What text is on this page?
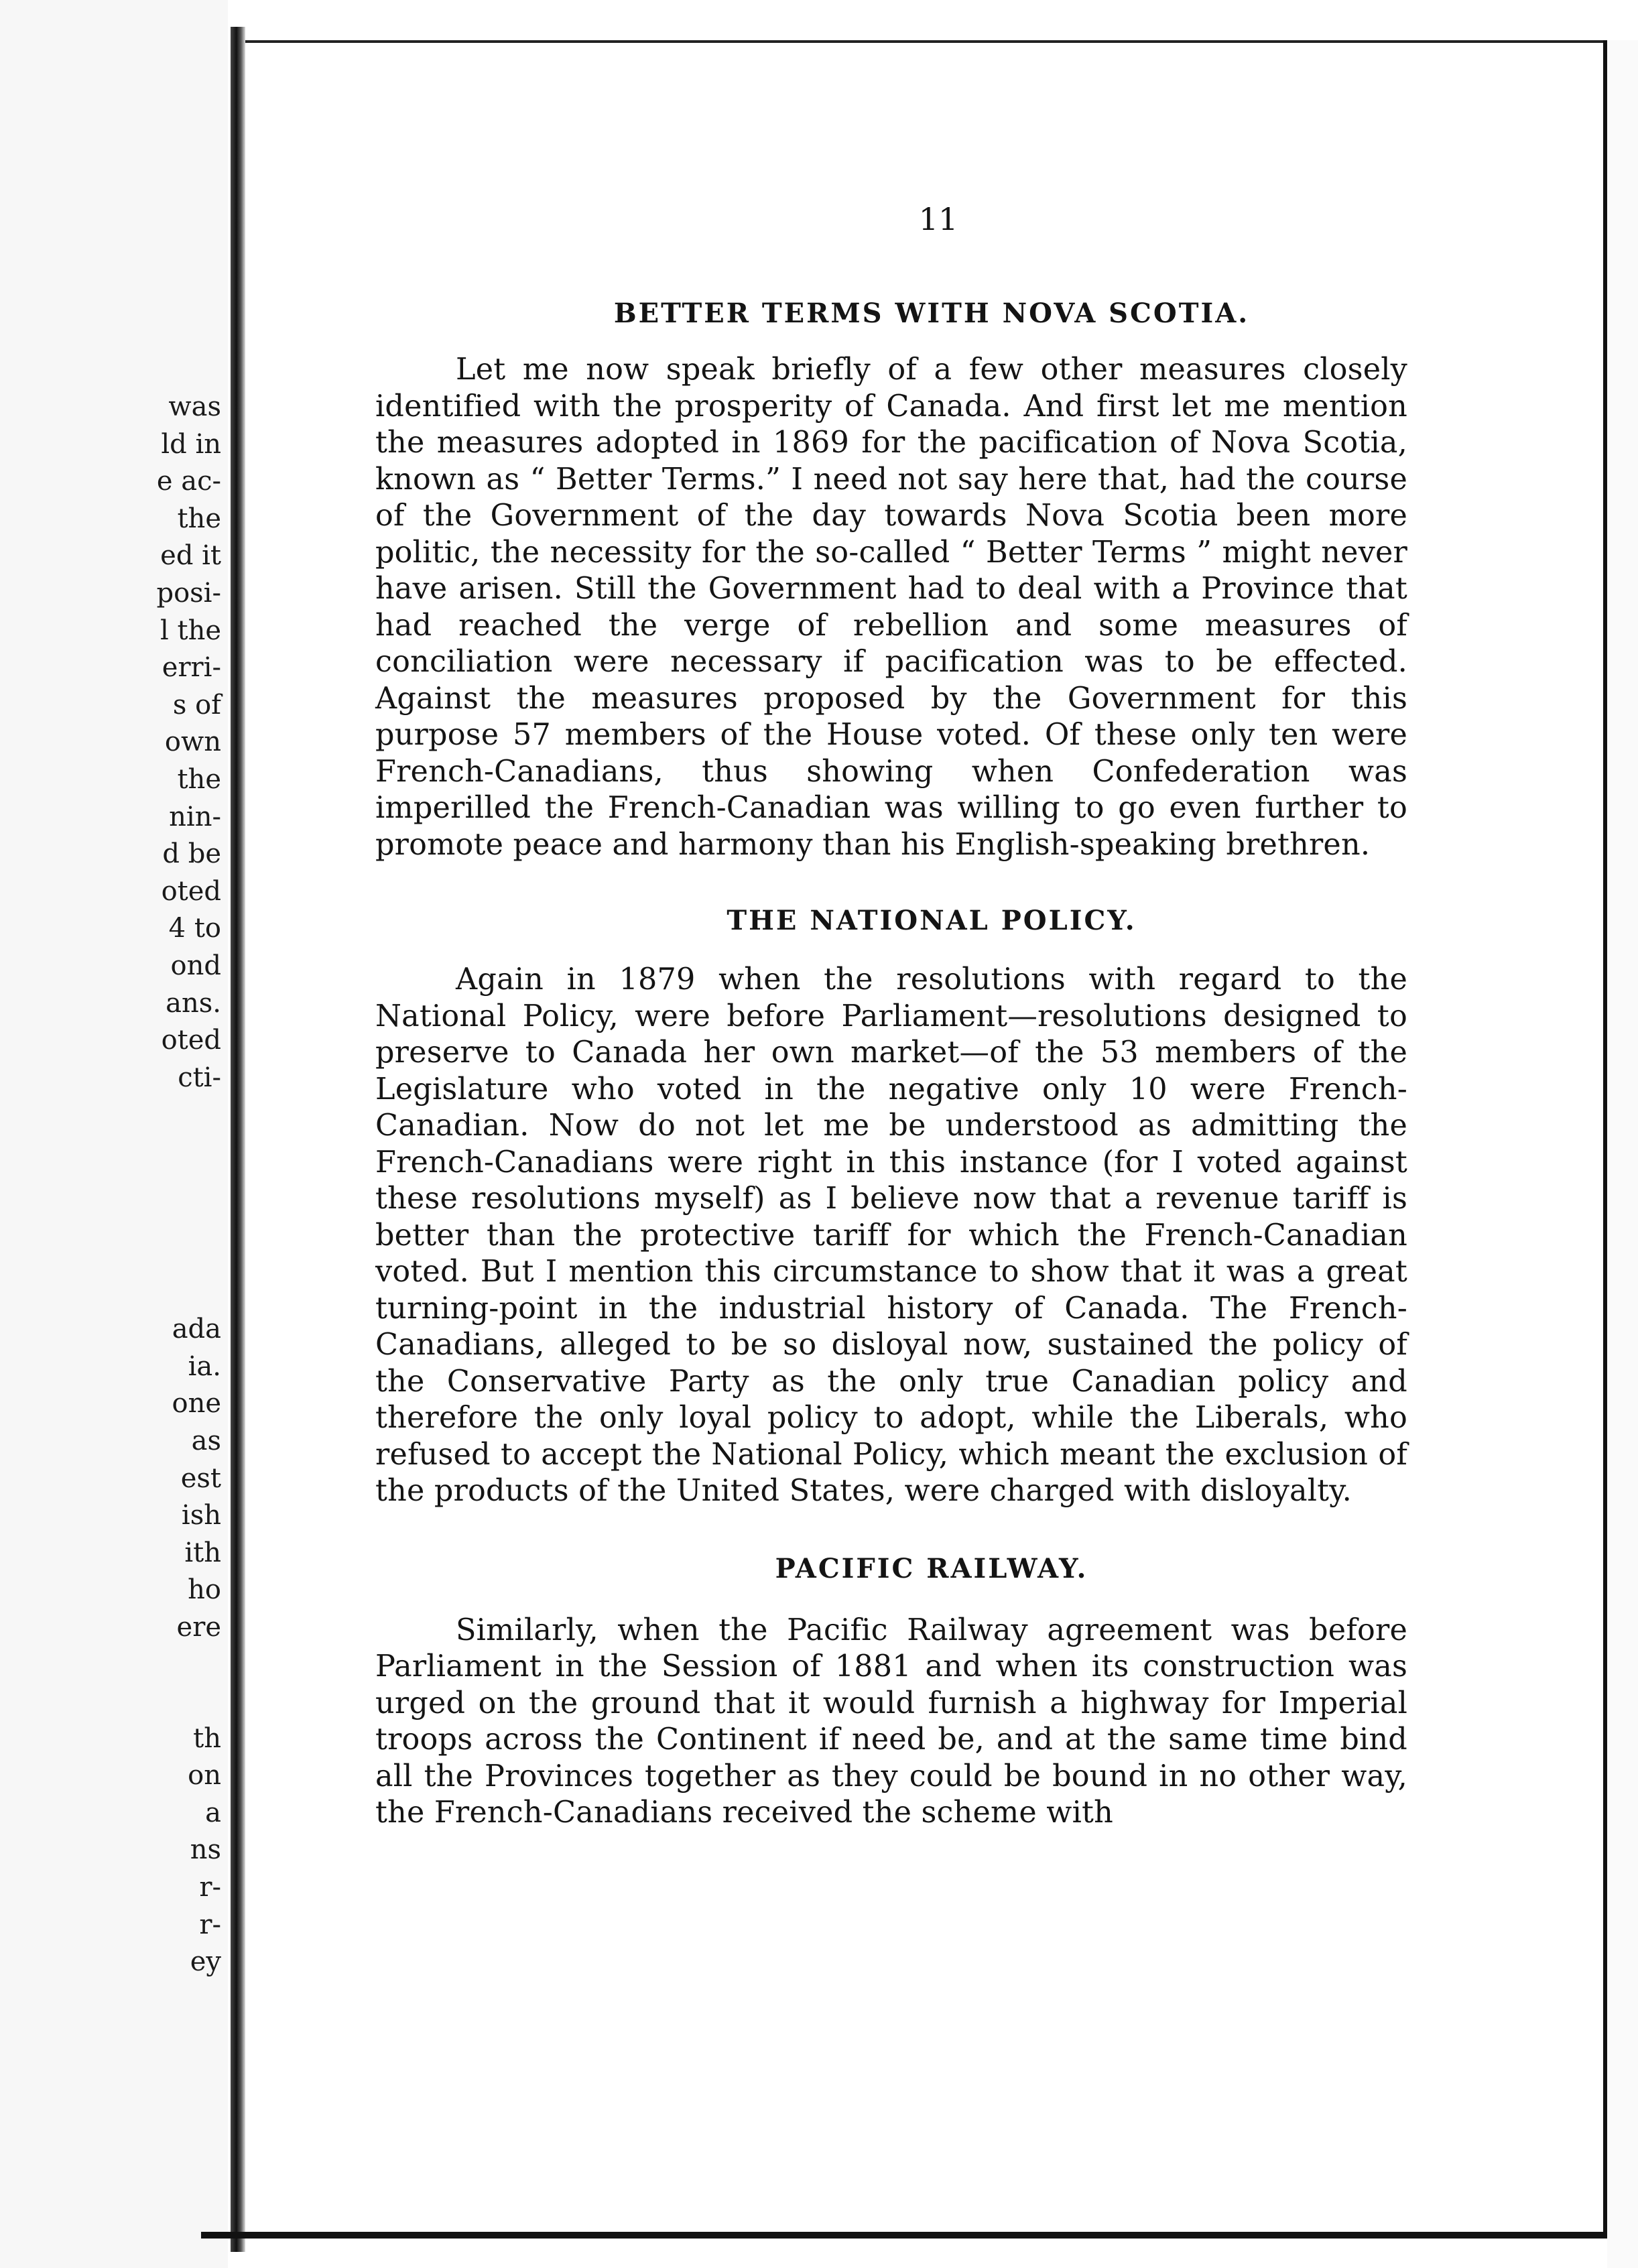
was
ld in
e ac-
the
ed it
posi-
l the
erri-
s of
own
the
nin-
d be
oted
4 to
ond
ans.
oted
cti-
ada
ia.
one
as
est
ish
ith
ho
ere
th
on
a
ns
r-
r-
ey
11
BETTER TERMS WITH NOVA SCOTIA.

Let me now speak briefly of a few other measures closely identified with the prosperity of Canada. And first let me mention the measures adopted in 1869 for the pacification of Nova Scotia, known as “ Better Terms.” I need not say here that, had the course of the Government of the day towards Nova Scotia been more politic, the necessity for the so-called “ Better Terms ” might never have arisen. Still the Government had to deal with a Province that had reached the verge of rebellion and some measures of conciliation were necessary if pacification was to be effected. Against the measures proposed by the Government for this purpose 57 members of the House voted. Of these only ten were French-Canadians, thus showing when Confederation was imperilled the French-Canadian was willing to go even further to promote peace and harmony than his English-speaking brethren.

THE NATIONAL POLICY.

Again in 1879 when the resolutions with regard to the National Policy, were before Parliament—resolutions designed to preserve to Canada her own market—of the 53 members of the Legislature who voted in the negative only 10 were French-Canadian. Now do not let me be understood as admitting the French-Canadians were right in this instance (for I voted against these resolutions myself) as I believe now that a revenue tariff is better than the protective tariff for which the French-Canadian voted. But I mention this circumstance to show that it was a great turning-point in the industrial history of Canada. The French-Canadians, alleged to be so disloyal now, sustained the policy of the Conservative Party as the only true Canadian policy and therefore the only loyal policy to adopt, while the Liberals, who refused to accept the National Policy, which meant the exclusion of the products of the United States, were charged with disloyalty.

PACIFIC RAILWAY.

Similarly, when the Pacific Railway agreement was before Parliament in the Session of 1881 and when its construction was urged on the ground that it would furnish a highway for Imperial troops across the Continent if need be, and at the same time bind all the Provinces together as they could be bound in no other way, the French-Canadians received the scheme with
